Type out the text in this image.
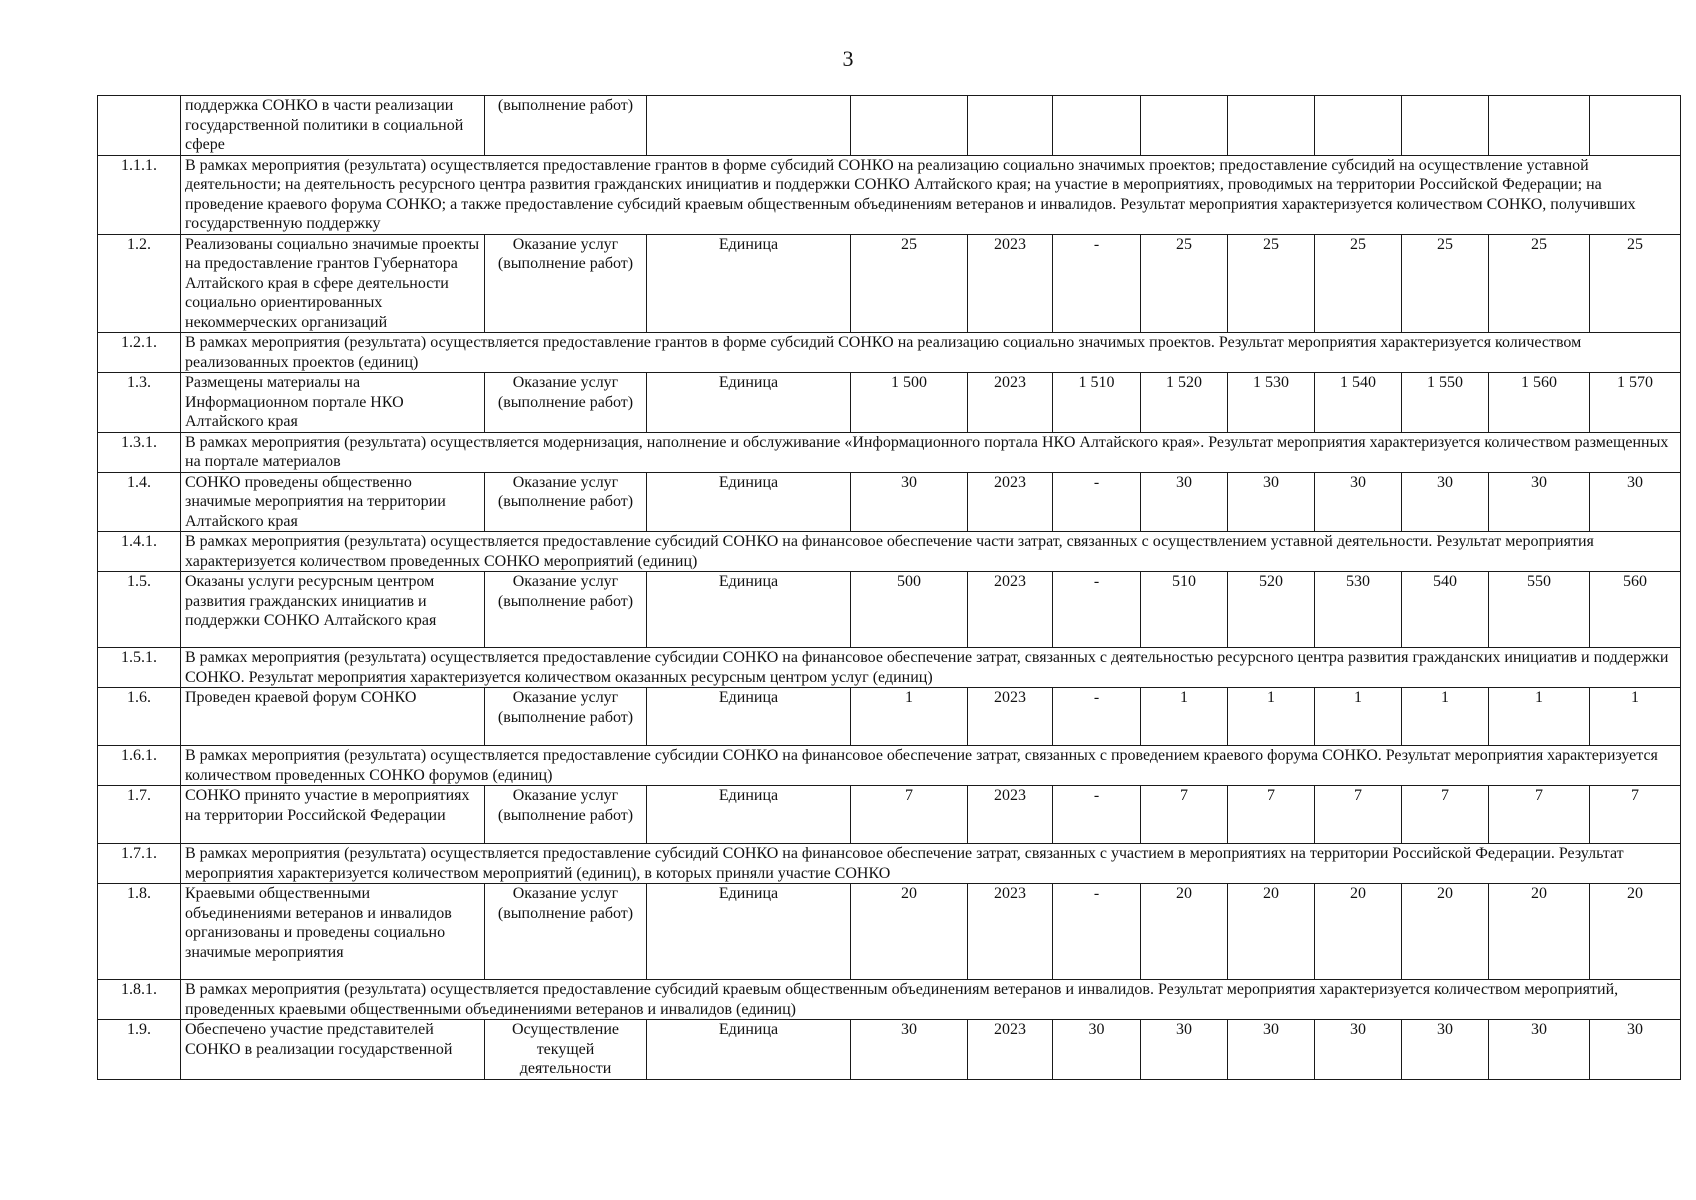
3
	поддержка СОНКО в части реализации государственной политики в социальной сфере	(выполнение работ)										
1.1.1.	В рамках мероприятия (результата) осуществляется предоставление грантов в форме субсидий СОНКО на реализацию социально значимых проектов; предоставление субсидий на осуществление уставной деятельности; на деятельность ресурсного центра развития гражданских инициатив и поддержки СОНКО Алтайского края; на участие в мероприятиях, проводимых на территории Российской Федерации; на проведение краевого форума СОНКО; а также предоставление субсидий краевым общественным объединениям ветеранов и инвалидов. Результат мероприятия характеризуется количеством СОНКО, получивших государственную поддержку											
1.2.	Реализованы социально значимые проекты на предоставление грантов Губернатора Алтайского края в сфере деятельности социально ориентированных некоммерческих организаций	Оказание услуг (выполнение работ)	Единица	25	2023	-	25	25	25	25	25	25
1.2.1.	В рамках мероприятия (результата) осуществляется предоставление грантов в форме субсидий СОНКО на реализацию социально значимых проектов. Результат мероприятия характеризуется количеством реализованных проектов (единиц)											
1.3.	Размещены материалы на Информационном портале НКО Алтайского края	Оказание услуг (выполнение работ)	Единица	1 500	2023	1 510	1 520	1 530	1 540	1 550	1 560	1 570
1.3.1.	В рамках мероприятия (результата) осуществляется модернизация, наполнение и обслуживание «Информационного портала НКО Алтайского края». Результат мероприятия характеризуется количеством размещенных на портале материалов											
1.4.	СОНКО проведены общественно значимые мероприятия на территории Алтайского края	Оказание услуг (выполнение работ)	Единица	30	2023	-	30	30	30	30	30	30
1.4.1.	В рамках мероприятия (результата) осуществляется предоставление субсидий СОНКО на финансовое обеспечение части затрат, связанных с осуществлением уставной деятельности. Результат мероприятия характеризуется количеством проведенных СОНКО мероприятий (единиц)											
1.5.	Оказаны услуги ресурсным центром развития гражданских инициатив и поддержки СОНКО Алтайского края	Оказание услуг (выполнение работ)	Единица	500	2023	-	510	520	530	540	550	560
1.5.1.	В рамках мероприятия (результата) осуществляется предоставление субсидии СОНКО на финансовое обеспечение затрат, связанных с деятельностью ресурсного центра развития гражданских инициатив и поддержки СОНКО. Результат мероприятия характеризуется количеством оказанных ресурсным центром услуг (единиц)											
1.6.	Проведен краевой форум СОНКО	Оказание услуг (выполнение работ)	Единица	1	2023	-	1	1	1	1	1	1
1.6.1.	В рамках мероприятия (результата) осуществляется предоставление субсидии СОНКО на финансовое обеспечение затрат, связанных с проведением краевого форума СОНКО. Результат мероприятия характеризуется количеством проведенных СОНКО форумов (единиц)											
1.7.	СОНКО принято участие в мероприятиях на территории Российской Федерации	Оказание услуг (выполнение работ)	Единица	7	2023	-	7	7	7	7	7	7
1.7.1.	В рамках мероприятия (результата) осуществляется предоставление субсидий СОНКО на финансовое обеспечение затрат, связанных с участием в мероприятиях на территории Российской Федерации. Результат мероприятия характеризуется количеством мероприятий (единиц), в которых приняли участие СОНКО											
1.8.	Краевыми общественными объединениями ветеранов и инвалидов организованы и проведены социально значимые мероприятия	Оказание услуг (выполнение работ)	Единица	20	2023	-	20	20	20	20	20	20
1.8.1.	В рамках мероприятия (результата) осуществляется предоставление субсидий краевым общественным объединениям ветеранов и инвалидов. Результат мероприятия характеризуется количеством мероприятий, проведенных краевыми общественными объединениями ветеранов и инвалидов (единиц)											
1.9.	Обеспечено участие представителей СОНКО в реализации государственной	Осуществление текущей деятельности	Единица	30	2023	30	30	30	30	30	30	30
